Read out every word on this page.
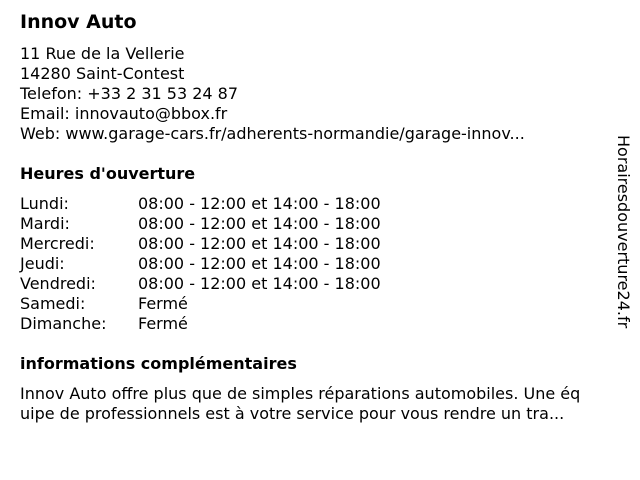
Innov Auto
11 Rue de la Vellerie
14280 Saint-Contest
Telefon: +33 2 31 53 24 87
Email: innovauto@bbox.fr
Web: www.garage-cars.fr/adherents-normandie/garage-innov...
Heures d'ouverture
Lundi:	08:00 - 12:00 et 14:00 - 18:00
Mardi:	08:00 - 12:00 et 14:00 - 18:00
Mercredi:	08:00 - 12:00 et 14:00 - 18:00
Jeudi:	08:00 - 12:00 et 14:00 - 18:00
Vendredi:	08:00 - 12:00 et 14:00 - 18:00
Samedi:	Fermé
Dimanche: Fermé
informations complémentaires
Innov Auto offre plus que de simples réparations automobiles. Une éq
uipe de professionnels est à votre service pour vous rendre un tra...
Horairesdouverture24.fr
